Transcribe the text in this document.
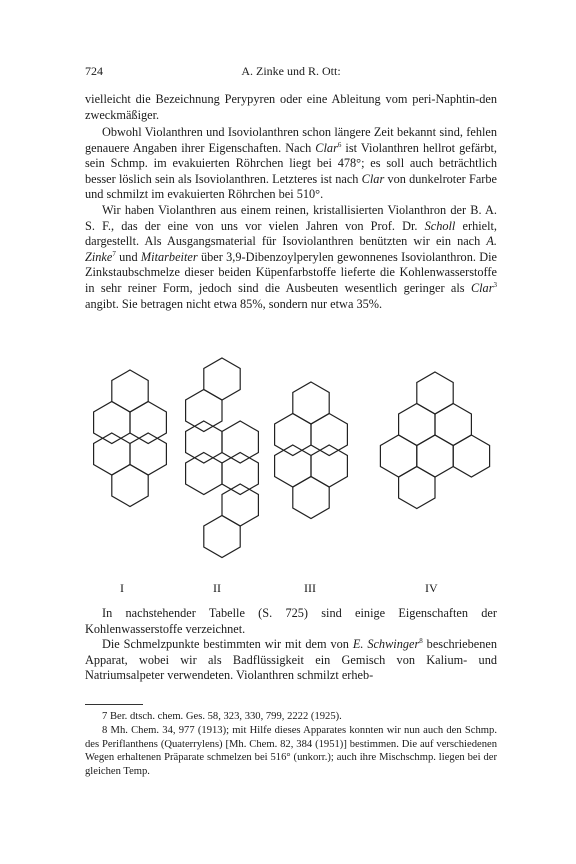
724	A. Zinke und R. Ott:

vielleicht die Bezeichnung Perypyren oder eine Ableitung vom peri-Naphtin-den zweckmäßiger.

Obwohl Violanthren und Isoviolanthren schon längere Zeit bekannt sind, fehlen genauere Angaben ihrer Eigenschaften. Nach Clar$^6$ ist Violanthren hellrot gefärbt, sein Schmp. im evakuierten Röhrchen liegt bei 478°; es soll auch beträchtlich besser löslich sein als Isoviolanthren. Letzteres ist nach Clar von dunkelroter Farbe und schmilzt im evakuierten Röhrchen bei 510°.

Wir haben Violanthren aus einem reinen, kristallisierten Violanthron der B. A. S. F., das der eine von uns vor vielen Jahren von Prof. Dr. Scholl erhielt, dargestellt. Als Ausgangsmaterial für Isoviolanthren benützten wir ein nach A. Zinke$^7$ und Mitarbeiter über 3,9-Dibenzoylperylen gewonnenes Isoviolanthron. Die Zinkstaubschmelze dieser beiden Küpenfarbstoffe lieferte die Kohlenwasserstoffe in sehr reiner Form, jedoch sind die Ausbeuten wesentlich geringer als Clar$^3$ angibt. Sie betragen nicht etwa 85%, sondern nur etwa 35%.

I	II	III	IV

In nachstehender Tabelle (S. 725) sind einige Eigenschaften der Kohlenwasserstoffe verzeichnet.

Die Schmelzpunkte bestimmten wir mit dem von E. Schwinger$^8$ beschriebenen Apparat, wobei wir als Badflüssigkeit ein Gemisch von Kalium- und Natriumsalpeter verwendeten. Violanthren schmilzt erheb-

7 Ber. dtsch. chem. Ges. 58, 323, 330, 799, 2222 (1925).

8 Mh. Chem. 34, 977 (1913); mit Hilfe dieses Apparates konnten wir nun auch den Schmp. des Periflanthens (Quaterrylens) [Mh. Chem. 82, 384 (1951)] bestimmen. Die auf verschiedenen Wegen erhaltenen Präparate schmelzen bei 516° (unkorr.); auch ihre Mischschmp. liegen bei der gleichen Temp.
